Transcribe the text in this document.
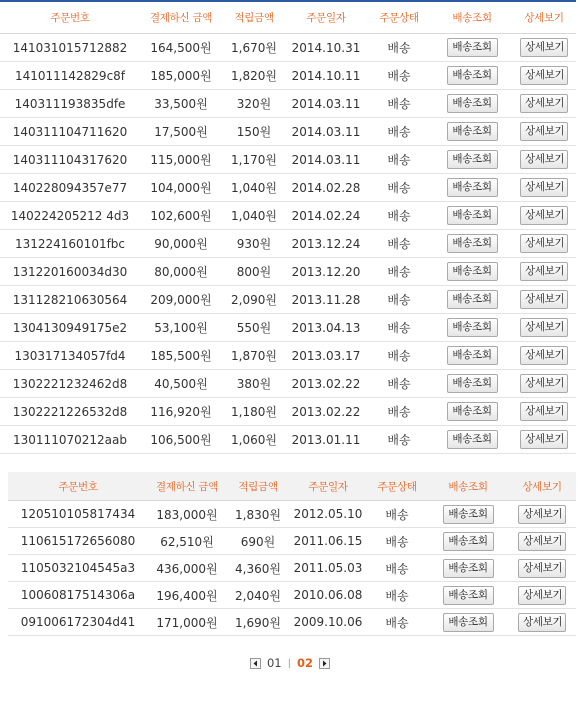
주문번호	결제하신 금액	적립금액	주문일자	주문상태	배송조회	상세보기
141031015712882	164,500원	1,670원	2014.10.31	배송	배송조회	상세보기
141011142829c8f	185,000원	1,820원	2014.10.11	배송	배송조회	상세보기
140311193835dfe	33,500원	320원	2014.03.11	배송	배송조회	상세보기
140311104711620	17,500원	150원	2014.03.11	배송	배송조회	상세보기
140311104317620	115,000원	1,170원	2014.03.11	배송	배송조회	상세보기
140228094357e77	104,000원	1,040원	2014.02.28	배송	배송조회	상세보기
140224205212 4d3	102,600원	1,040원	2014.02.24	배송	배송조회	상세보기
131224160101fbc	90,000원	930원	2013.12.24	배송	배송조회	상세보기
131220160034d30	80,000원	800원	2013.12.20	배송	배송조회	상세보기
131128210630564	209,000원	2,090원	2013.11.28	배송	배송조회	상세보기
1304130949175e2	53,100원	550원	2013.04.13	배송	배송조회	상세보기
130317134057fd4	185,500원	1,870원	2013.03.17	배송	배송조회	상세보기
1302221232462d8	40,500원	380원	2013.02.22	배송	배송조회	상세보기
1302221226532d8	116,920원	1,180원	2013.02.22	배송	배송조회	상세보기
130111070212aab	106,500원	1,060원	2013.01.11	배송	배송조회	상세보기
주문번호	결제하신 금액	적립금액	주문일자	주문상태	배송조회	상세보기
120510105817434	183,000원	1,830원	2012.05.10	배송	배송조회	상세보기
110615172656080	62,510원	690원	2011.06.15	배송	배송조회	상세보기
1105032104545a3	436,000원	4,360원	2011.05.03	배송	배송조회	상세보기
10060817514306a	196,400원	2,040원	2010.06.08	배송	배송조회	상세보기
091006172304d41	171,000원	1,690원	2009.10.06	배송	배송조회	상세보기
01 | 02
